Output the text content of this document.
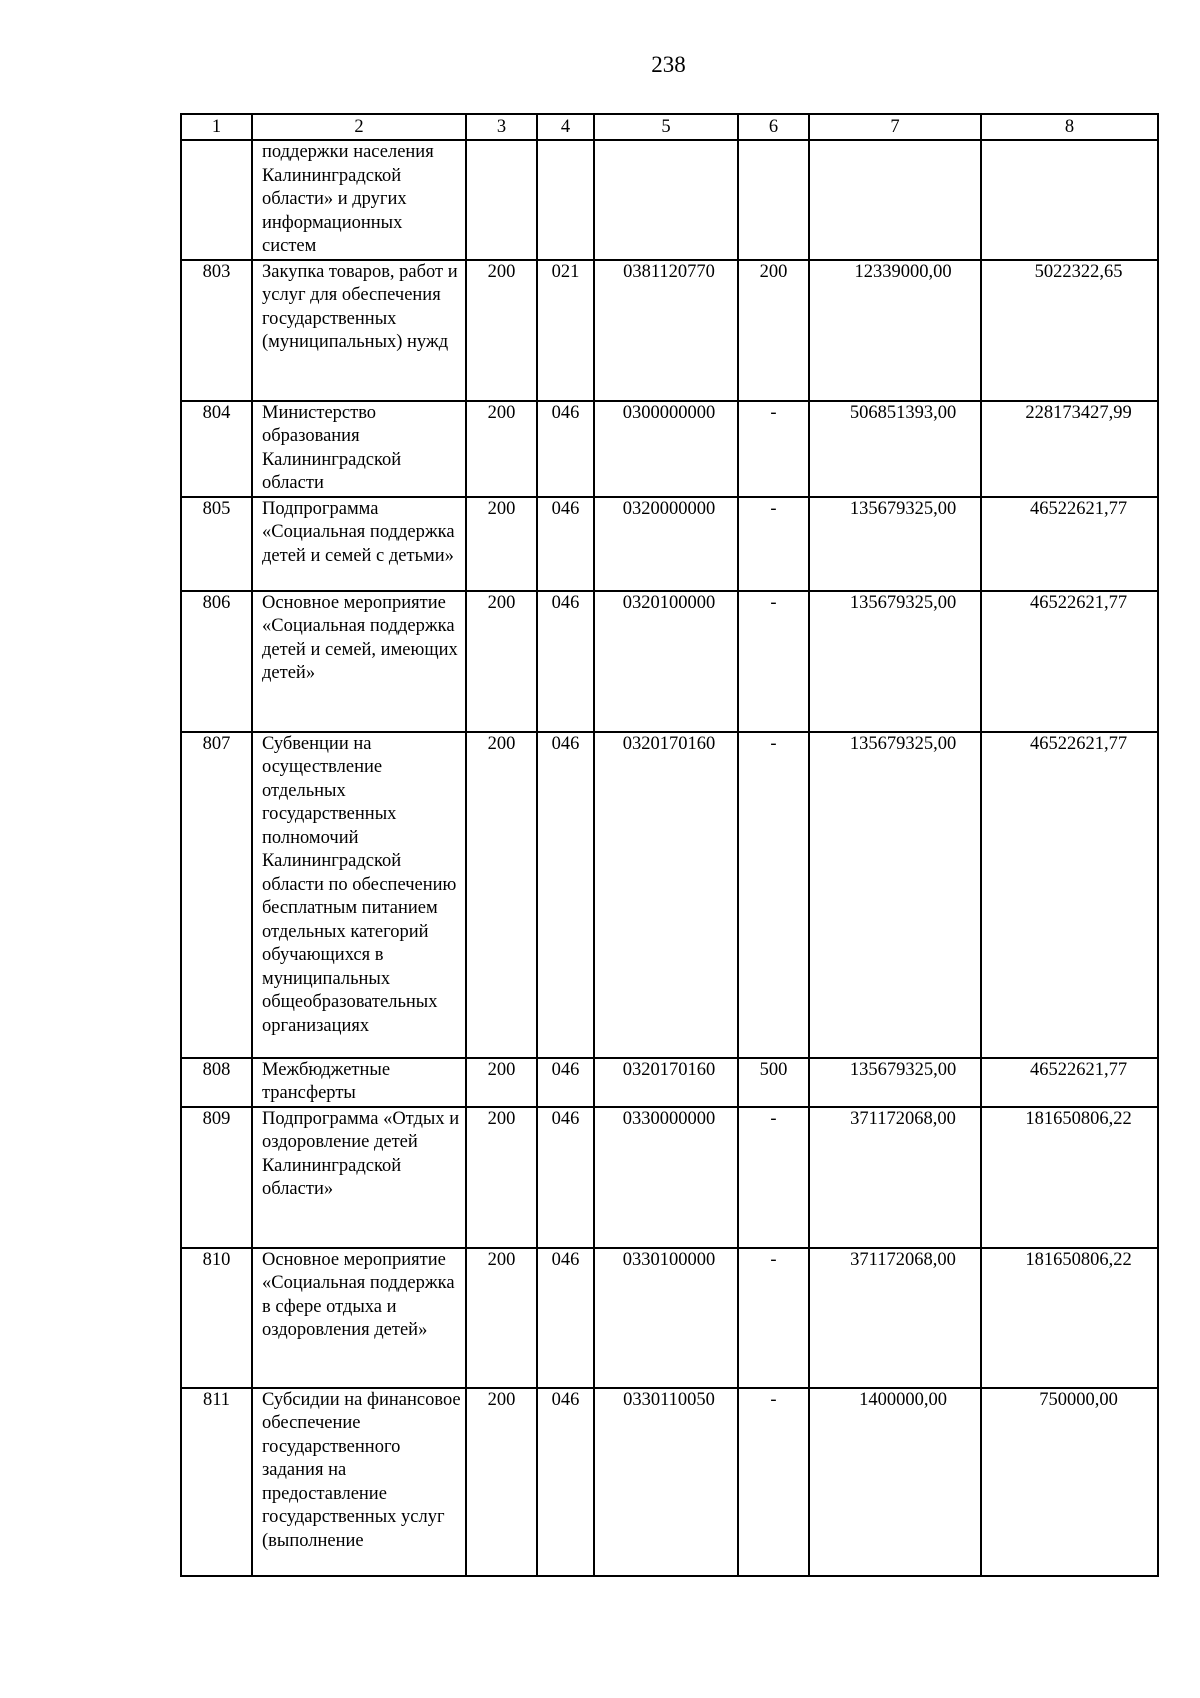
238
1	2	3	4	5	6	7	8
	поддержки населения Калининградской области» и других информационных систем						
803	Закупка товаров, работ и услуг для обеспечения государственных (муниципальных) нужд	200	021	0381120770	200	12339000,00	5022322,65
804	Министерство образования Калининградской области	200	046	0300000000	-	506851393,00	228173427,99
805	Подпрограмма «Социальная поддержка детей и семей с детьми»	200	046	0320000000	-	135679325,00	46522621,77
806	Основное мероприятие «Социальная поддержка детей и семей, имеющих детей»	200	046	0320100000	-	135679325,00	46522621,77
807	Субвенции на осуществление отдельных государственных полномочий Калининградской области по обеспечению бесплатным питанием отдельных категорий обучающихся в муниципальных общеобразовательных организациях	200	046	0320170160	-	135679325,00	46522621,77
808	Межбюджетные трансферты	200	046	0320170160	500	135679325,00	46522621,77
809	Подпрограмма «Отдых и оздоровление детей Калининградской области»	200	046	0330000000	-	371172068,00	181650806,22
810	Основное мероприятие «Социальная поддержка в сфере отдыха и оздоровления детей»	200	046	0330100000	-	371172068,00	181650806,22
811	Субсидии на финансовое обеспечение государственного задания на предоставление государственных услуг (выполнение	200	046	0330110050	-	1400000,00	750000,00
